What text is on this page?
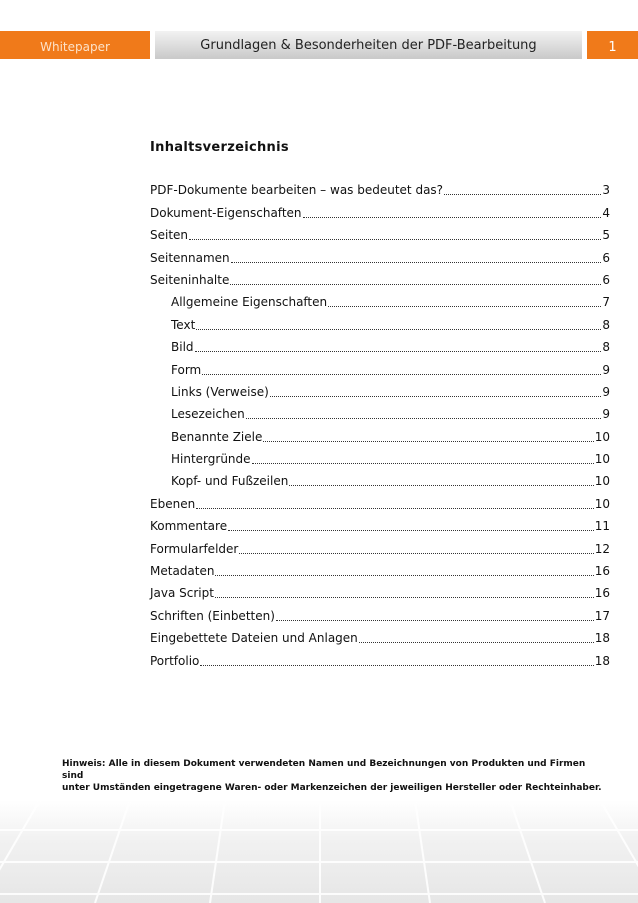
Whitepaper	Grundlagen & Besonderheiten der PDF-Bearbeitung	1
Inhaltsverzeichnis
PDF-Dokumente bearbeiten – was bedeutet das?	3
Dokument-Eigenschaften	4
Seiten	5
Seitennamen	6
Seiteninhalte	6
Allgemeine Eigenschaften	7
Text	8
Bild	8
Form	9
Links (Verweise)	9
Lesezeichen	9
Benannte Ziele	10
Hintergründe	10
Kopf- und Fußzeilen	10
Ebenen	10
Kommentare	11
Formularfelder	12
Metadaten	16
Java Script	16
Schriften (Einbetten)	17
Eingebettete Dateien und Anlagen	18
Portfolio	18
Hinweis: Alle in diesem Dokument verwendeten Namen und Bezeichnungen von Produkten und Firmen sind
unter Umständen eingetragene Waren- oder Markenzeichen der jeweiligen Hersteller oder Rechteinhaber.
